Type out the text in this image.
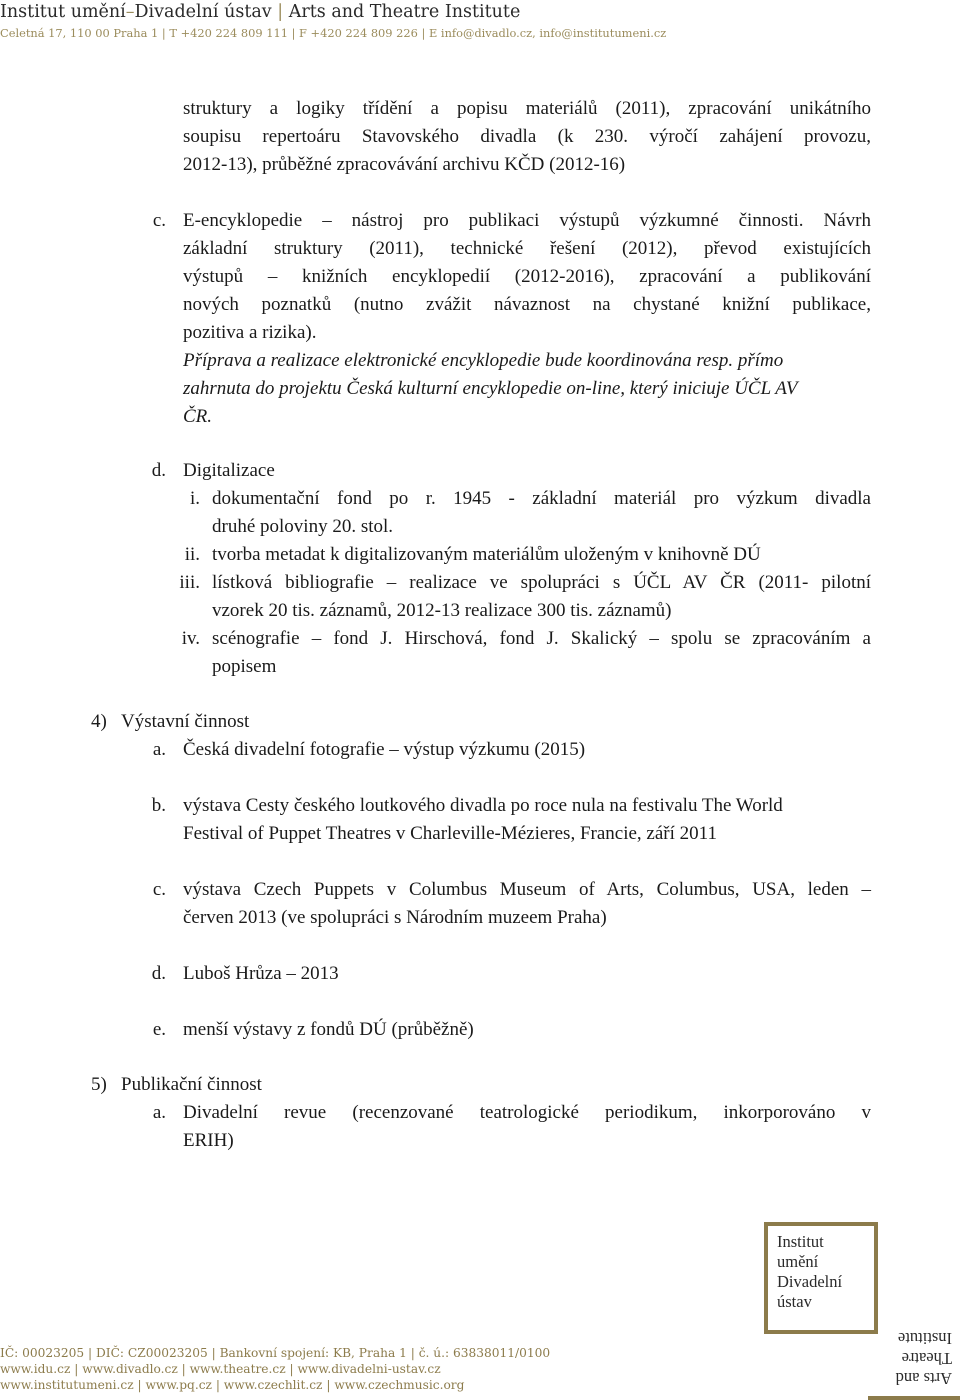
Institut umění–Divadelní ústav | Arts and Theatre Institute
Celetná 17, 110 00 Praha 1 | T +420 224 809 111 | F +420 224 809 226 | E info@divadlo.cz, info@institutumeni.cz
struktury a logiky třídění a popisu materiálů (2011), zpracování unikátního
soupisu repertoáru Stavovského divadla (k 230. výročí zahájení provozu,
2012-13), průběžné zpracovávání archivu KČD (2012-16)
c. E-encyklopedie – nástroj pro publikaci výstupů výzkumné činnosti. Návrh
základní struktury (2011), technické řešení (2012), převod existujících
výstupů – knižních encyklopedií (2012-2016), zpracování a publikování
nových poznatků (nutno zvážit návaznost na chystané knižní publikace,
pozitiva a rizika).
Příprava a realizace elektronické encyklopedie bude koordinována resp. přímo
zahrnuta do projektu Česká kulturní encyklopedie on-line, který iniciuje ÚČL AV
ČR.
d. Digitalizace
i. dokumentační fond po r. 1945 - základní materiál pro výzkum divadla
druhé poloviny 20. stol.
ii. tvorba metadat k digitalizovaným materiálům uloženým v knihovně DÚ
iii. lístková bibliografie – realizace ve spolupráci s ÚČL AV ČR (2011- pilotní
vzorek 20 tis. záznamů, 2012-13 realizace 300 tis. záznamů)
iv. scénografie – fond J. Hirschová, fond J. Skalický – spolu se zpracováním a
popisem
4) Výstavní činnost
a. Česká divadelní fotografie – výstup výzkumu (2015)
b. výstava Cesty českého loutkového divadla po roce nula na festivalu The World
Festival of Puppet Theatres v Charleville-Mézieres, Francie, září 2011
c. výstava Czech Puppets v Columbus Museum of Arts, Columbus, USA, leden –
červen 2013 (ve spolupráci s Národním muzeem Praha)
d. Luboš Hrůza – 2013
e. menší výstavy z fondů DÚ (průběžně)
5) Publikační činnost
a. Divadelní revue (recenzované teatrologické periodikum, inkorporováno v
ERIH)
Institut
umění
Divadelní
ústav
Arts and
Theatre
Institute
IČ: 00023205 | DIČ: CZ00023205 | Bankovní spojení: KB, Praha 1 | č. ú.: 63838011/0100
www.idu.cz | www.divadlo.cz | www.theatre.cz | www.divadelni-ustav.cz
www.institutumeni.cz | www.pq.cz | www.czechlit.cz | www.czechmusic.org
